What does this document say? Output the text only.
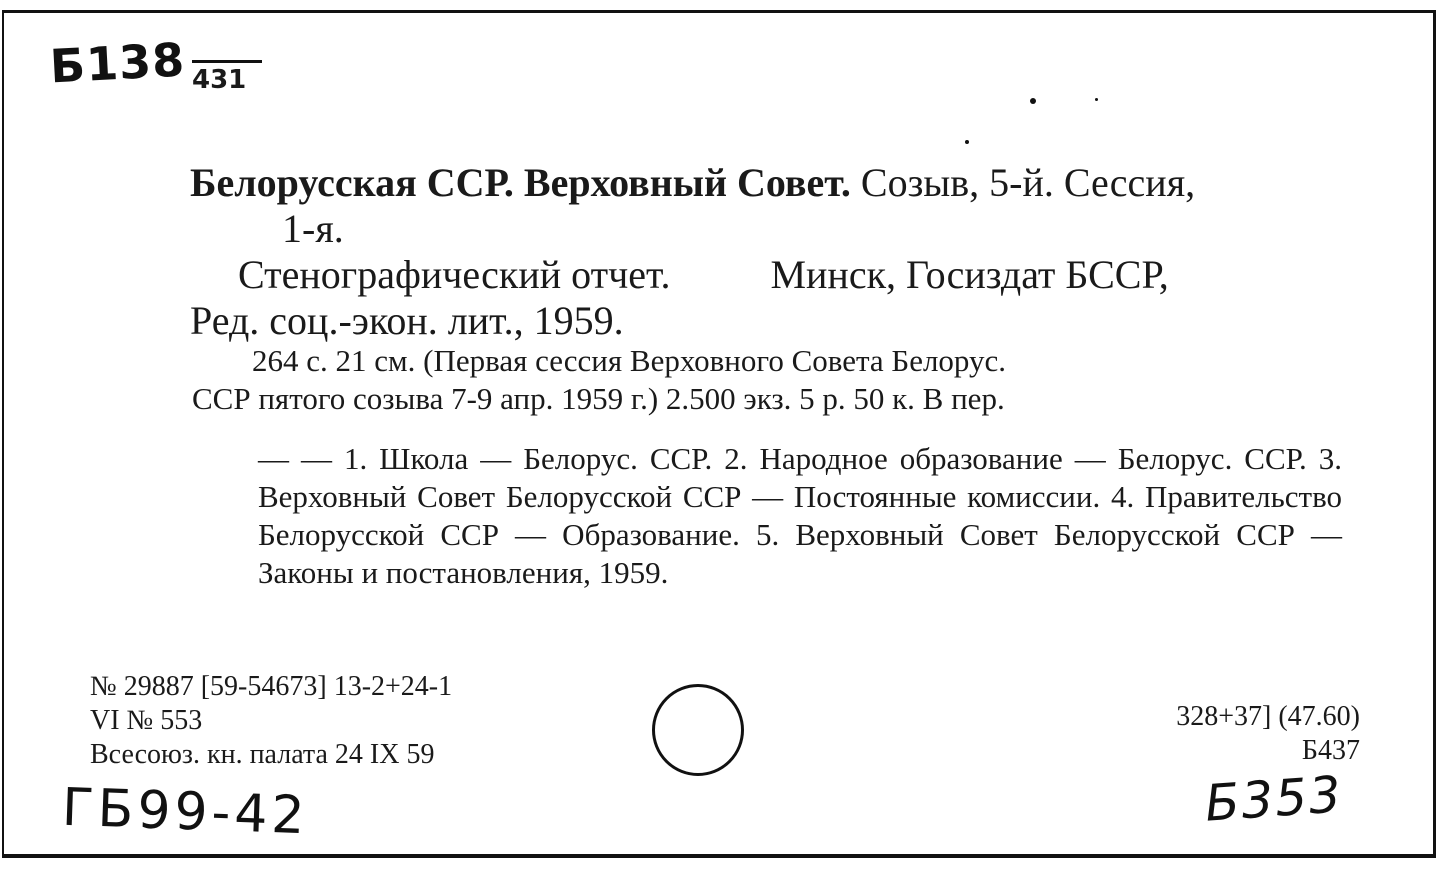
Б138 431
Белорусская ССР. Верховный Совет. Созыв, 5-й. Сессия,
1-я.
Стенографический отчет.	Минск, Госиздат БССР,
Ред. соц.-экон. лит., 1959.
264 с. 21 см. (Первая сессия Верховного Совета Белорус.
ССР пятого созыва 7-9 апр. 1959 г.) 2.500 экз. 5 р. 50 к. В пер.
— — 1. Школа — Белорус. ССР. 2. Народное образование — Белорус. ССР. 3. Верховный Совет Белорусской ССР — Постоянные комиссии. 4. Правительство Белорусской ССР — Образование. 5. Верховный Совет Белорусской ССР — Законы и постановления, 1959.
№ 29887 [59-54673] 13-2+24-1
VI № 553
Всесоюз. кн. палата 24 IX 59
328+37] (47.60)
Б437
ГБ99-42	Б353
